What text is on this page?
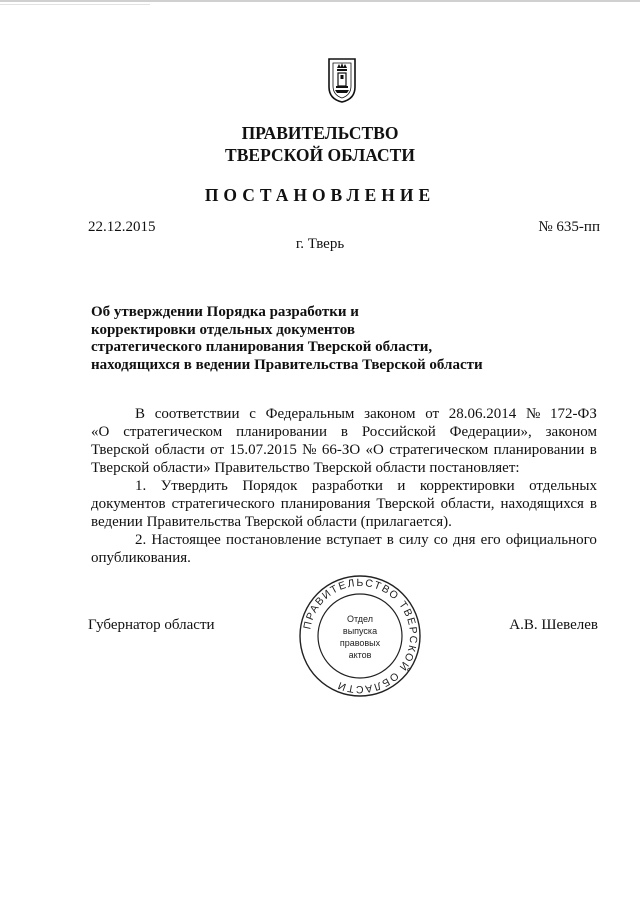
ПРАВИТЕЛЬСТВО
ТВЕРСКОЙ ОБЛАСТИ
ПОСТАНОВЛЕНИЕ
22.12.2015	№ 635-пп
г. Тверь
Об утверждении Порядка разработки и
корректировки отдельных документов
стратегического планирования Тверской области,
находящихся в ведении Правительства Тверской области
В соответствии с Федеральным законом от 28.06.2014 № 172-ФЗ
«О стратегическом планировании в Российской Федерации», законом
Тверской области от 15.07.2015 № 66-ЗО «О стратегическом планировании в
Тверской области» Правительство Тверской области постановляет:
1. Утвердить Порядок разработки и корректировки отдельных
документов стратегического планирования Тверской области, находящихся в
ведении Правительства Тверской области (прилагается).
2. Настоящее постановление вступает в силу со дня его официального
опубликования.
Губернатор области	А.В. Шевелев
ПРАВИТЕЛЬСТВО ТВЕРСКОЙ ОБЛАСТИ
Отдел
выпуска
правовых
актов
